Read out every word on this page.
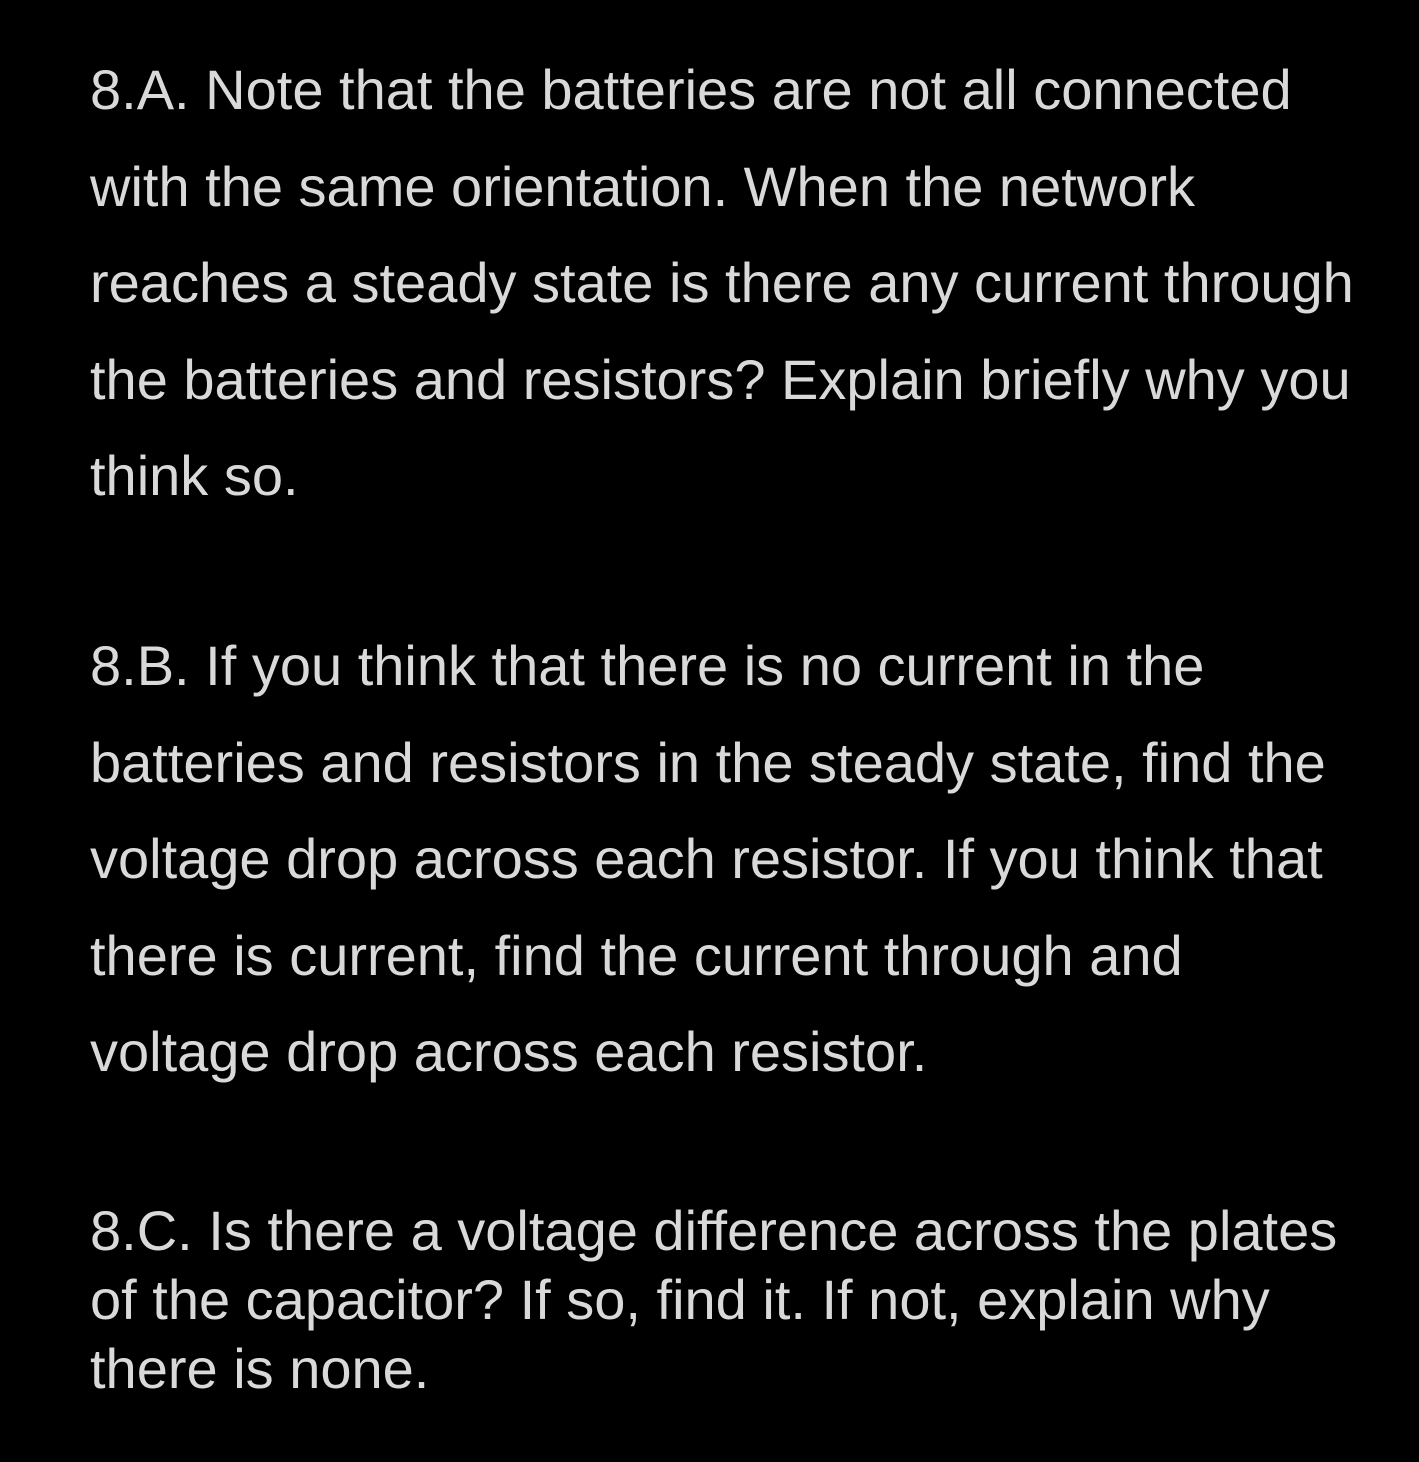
8.A. Note that the batteries are not all connected
with the same orientation. When the network
reaches a steady state is there any current through
the batteries and resistors? Explain briefly why you
think so.

8.B. If you think that there is no current in the
batteries and resistors in the steady state, find the
voltage drop across each resistor. If you think that
there is current, find the current through and
voltage drop across each resistor.

8.C. Is there a voltage difference across the plates
of the capacitor? If so, find it. If not, explain why
there is none.
